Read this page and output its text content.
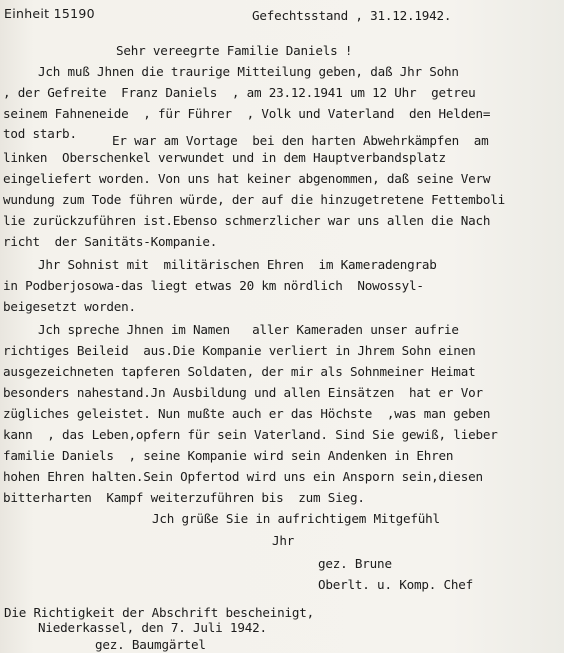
Einheit 15190	Gefechtsstand , 31.12.1942.
Sehr vereegrte Familie Daniels !
Jch muß Jhnen die traurige Mitteilung geben, daß Jhr Sohn
, der Gefreite  Franz Daniels  , am 23.12.1941 um 12 Uhr  getreu
seinem Fahneneide  , für Führer  , Volk und Vaterland  den Helden=
tod starb.	Er war am Vortage  bei den harten Abwehrkämpfen  am
linken  Oberschenkel verwundet und in dem Hauptverbandsplatz
eingeliefert worden. Von uns hat keiner abgenommen, daß seine Verw
wundung zum Tode führen würde, der auf die hinzugetretene Fettemboli
lie zurückzuführen ist.Ebenso schmerzlicher war uns allen die Nach
richt  der Sanitäts-Kompanie.
Jhr Sohnist mit  militärischen Ehren  im Kameradengrab
in Podberjosowa-das liegt etwas 20 km nördlich  Nowossyl-
beigesetzt worden.
Jch spreche Jhnen im Namen   aller Kameraden unser aufrie
richtiges Beileid  aus.Die Kompanie verliert in Jhrem Sohn einen
ausgezeichneten tapferen Soldaten, der mir als Sohnmeiner Heimat
besonders nahestand.Jn Ausbildung und allen Einsätzen  hat er Vor
zügliches geleistet. Nun mußte auch er das Höchste  ,was man geben
kann  , das Leben,opfern für sein Vaterland. Sind Sie gewiß, lieber
familie Daniels  , seine Kompanie wird sein Andenken in Ehren
hohen Ehren halten.Sein Opfertod wird uns ein Ansporn sein,diesen
bitterharten  Kampf weiterzuführen bis  zum Sieg.
Jch grüße Sie in aufrichtigem Mitgefühl
Jhr
gez. Brune
Oberlt. u. Komp. Chef
Die Richtigkeit der Abschrift bescheinigt,
Niederkassel, den 7. Juli 1942.
gez. Baumgärtel
